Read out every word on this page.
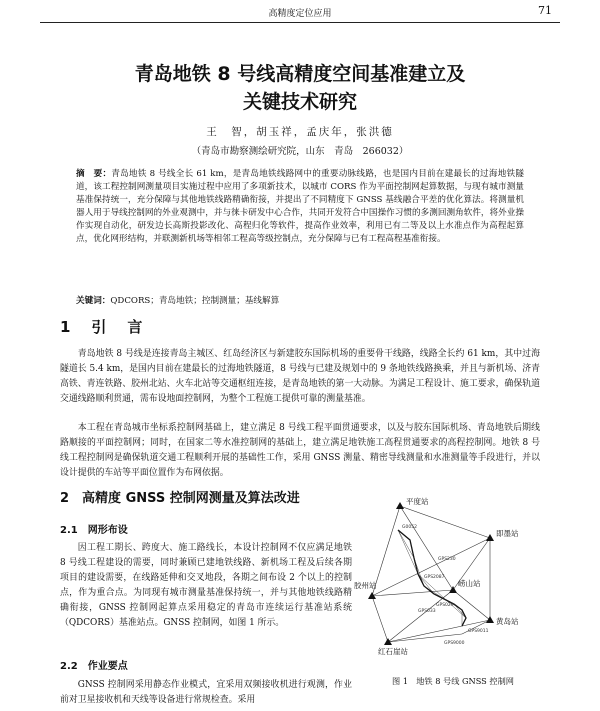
高精度定位应用	71
青岛地铁 8 号线高精度空间基准建立及
关键技术研究
王　智，胡玉祥，孟庆年，张洪德
（青岛市勘察测绘研究院，山东　青岛　266032）
摘　要：青岛地铁 8 号线全长 61 km，是青岛地铁线路网中的重要动脉线路，也是国内目前在建最长的过海地铁隧道，该工程控制网测量项目实施过程中应用了多项新技术，以城市 CORS 作为平面控制网起算数据，与现有城市测量基准保持统一，充分保障与其他地铁线路精确衔接，并提出了不同精度下 GNSS 基线融合平差的优化算法。将测量机器人用于导线控制网的外业观测中，并与徕卡研发中心合作，共同开发符合中国操作习惯的多测回测角软件，将外业操作实现自动化，研发边长高斯投影改化、高程归化等软件，提高作业效率，利用已有二等及以上水准点作为高程起算点，优化网形结构，并联测新机场等相邻工程高等级控制点，充分保障与已有工程高程基准衔接。
关键词：QDCORS；青岛地铁；控制测量；基线解算
1　引　言
青岛地铁 8 号线是连接青岛主城区、红岛经济区与新建胶东国际机场的重要骨干线路，线路全长约 61 km，其中过海隧道长 5.4 km，是国内目前在建最长的过海地铁隧道，8 号线与已建及规划中的 9 条地铁线路换乘，并且与新机场、济青高铁、青连铁路、胶州北站、火车北站等交通枢纽连接，是青岛地铁的第一大动脉。为满足工程设计、施工要求，确保轨道交通线路顺利贯通，需布设地面控制网，为整个工程施工提供可靠的测量基准。
本工程在青岛城市坐标系控制网基础上，建立满足 8 号线工程平面贯通要求，以及与胶东国际机场、青岛地铁后期线路顺接的平面控制网；同时，在国家二等水准控制网的基础上，建立满足地铁施工高程贯通要求的高程控制网。地铁 8 号线工程控制网是确保轨道交通工程顺利开展的基础性工作，采用 GNSS 测量、精密导线测量和水准测量等手段进行，并以设计提供的车站等平面位置作为布网依据。
2　高精度 GNSS 控制网测量及算法改进
2.1　网形布设
因工程工期长、跨度大、施工路线长，本设计控制网不仅应满足地铁 8 号线工程建设的需要，同时兼顾已建地铁线路、新机场工程及后续各期项目的建设需要，在线路延伸和交叉地段，各期之间布设 2 个以上的控制点，作为重合点。为同现有城市测量基准保持统一，并与其他地铁线路精确衔接，GNSS 控制网起算点采用稳定的青岛市连续运行基准站系统（QDCORS）基准站点。GNSS 控制网，如图 1 所示。
2.2　作业要点
GNSS 控制网采用静态作业模式，宜采用双频接收机进行观测，作业前对卫星接收机和天线等设备进行常规检查。采用
平度站
即墨站
胶州站
黄岛站
崂山站
红石崖站
G0052
GPS230
GPS2087
GPS029
GPS033
GPS9011
GPS9000
图 1　地铁 8 号线 GNSS 控制网
